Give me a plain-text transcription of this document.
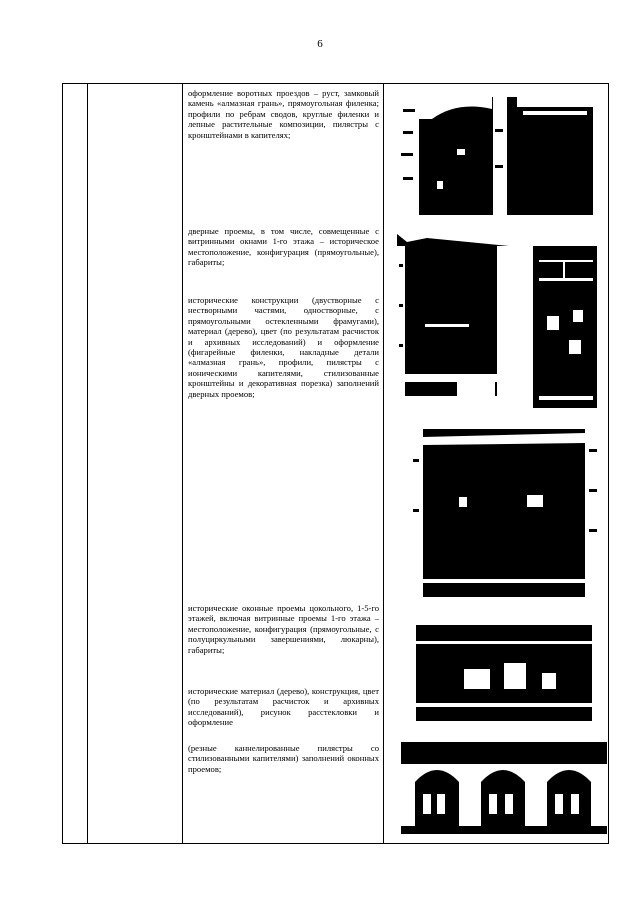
6
оформление воротных проездов – руст, замковый камень «алмазная грань», прямоугольная филенка; профили по ребрам сводов, круглые филенки и лепные растительные композиции, пилястры с кронштейнами в капителях;
дверные проемы, в том числе, совмещенные с витринными окнами 1-го этажа – историческое местоположение, конфигурация (прямоугольные), габариты;
исторические конструкции (двустворные с нестворными частями, одностворные, с прямоугольными остекленными фрамугами), материал (дерево), цвет (по результатам расчисток и архивных исследований) и оформление (фигарейные филенки, накладные детали «алмазная грань», профили, пилястры с ионическими капителями, стилизованные кронштейны и декоративная порезка) заполнений дверных проемов;
исторические оконные проемы цокольного, 1-5-го этажей, включая витринные проемы 1-го этажа – местоположение, конфигурация (прямоугольные, с полуциркульными завершениями, люкарны), габариты;
исторические материал (дерево), конструкция, цвет (по результатам расчисток и архивных исследований), рисунок расстекловки и оформление
(резные каннелированные пилястры со стилизованными капителями) заполнений оконных проемов;
